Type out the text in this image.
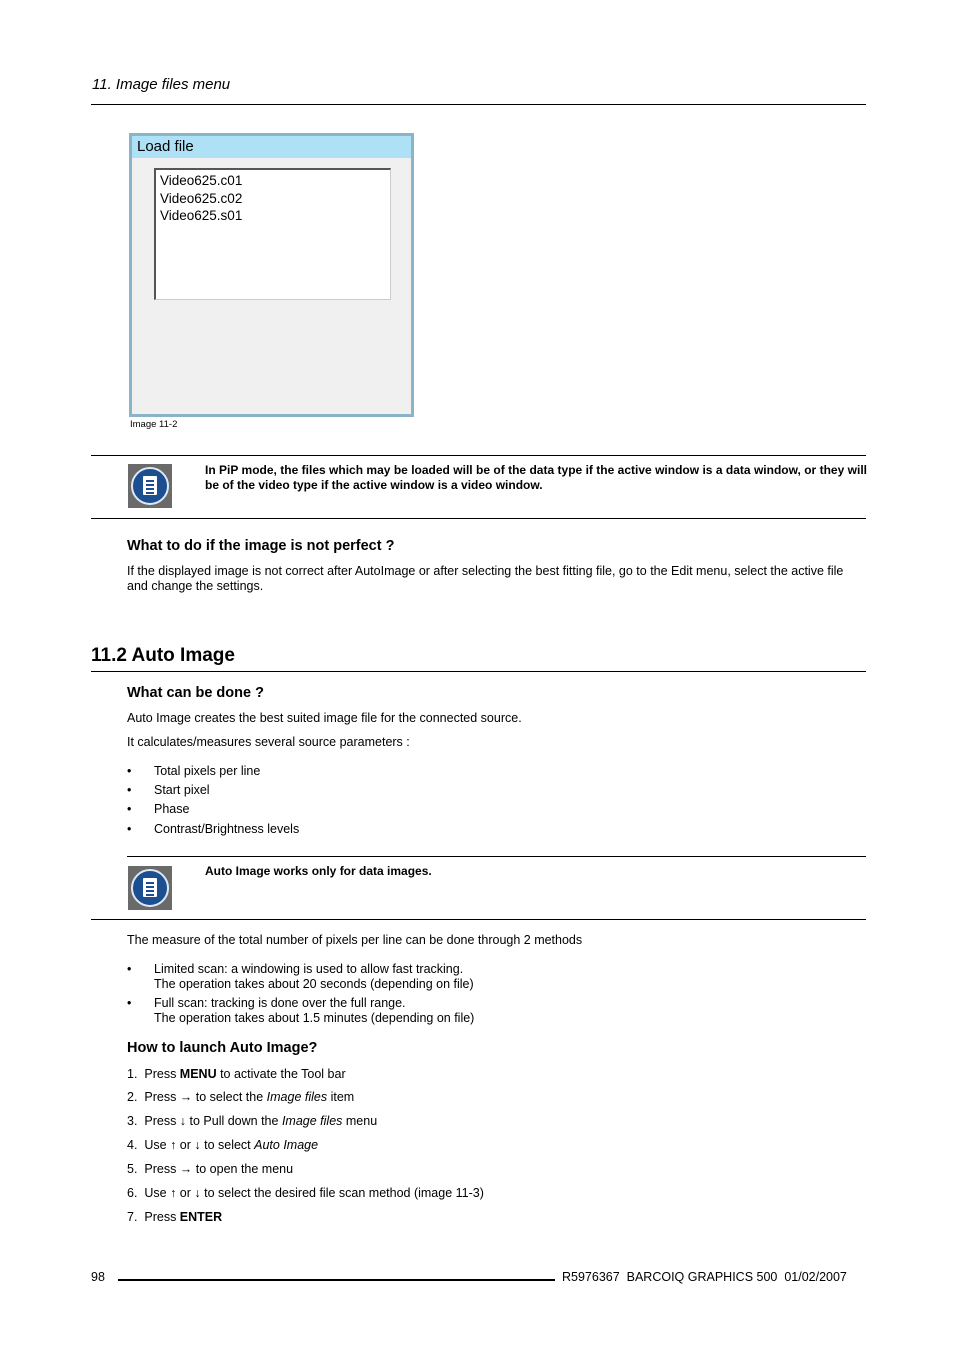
11. Image files menu
Load file
Video625.c01
Video625.c02
Video625.s01
Image 11-2
In PiP mode, the files which may be loaded will be of the data type if the active window is a data window, or they will be of the video type if the active window is a video window.
What to do if the image is not perfect ?
If the displayed image is not correct after AutoImage or after selecting the best fitting file, go to the Edit menu, select the active file and change the settings.
11.2 Auto Image
What can be done ?
Auto Image creates the best suited image file for the connected source.
It calculates/measures several source parameters :
• Total pixels per line
• Start pixel
• Phase
• Contrast/Brightness levels
Auto Image works only for data images.
The measure of the total number of pixels per line can be done through 2 methods
• Limited scan: a windowing is used to allow fast tracking.
The operation takes about 20 seconds (depending on file)
• Full scan: tracking is done over the full range.
The operation takes about 1.5 minutes (depending on file)
How to launch Auto Image?
1.  Press MENU to activate the Tool bar
2.  Press → to select the Image files item
3.  Press ↓ to Pull down the Image files menu
4.  Use ↑ or ↓ to select Auto Image
5.  Press → to open the menu
6.  Use ↑ or ↓ to select the desired file scan method (image 11-3)
7.  Press ENTER
98	R5976367  BARCOIQ GRAPHICS 500  01/02/2007
